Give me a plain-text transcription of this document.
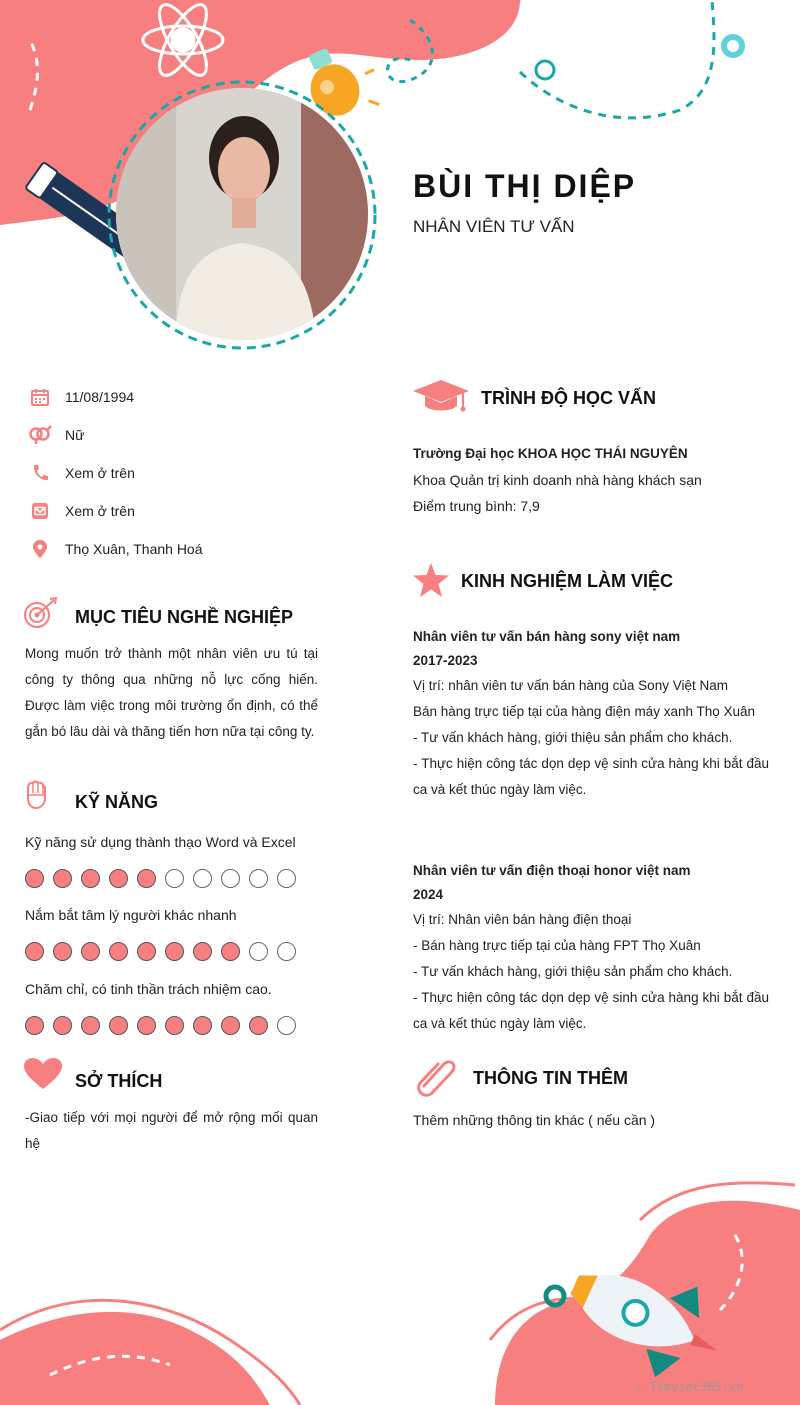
BÙI THỊ DIỆP
NHÂN VIÊN TƯ VẤN
11/08/1994
Nữ
Xem ở trên
Xem ở trên
Thọ Xuân, Thanh Hoá
MỤC TIÊU NGHỀ NGHIỆP
Mong muốn trở thành một nhân viên ưu tú tại công ty thông qua những nỗ lực cống hiến. Được làm việc trong môi trường ổn định, có thể gắn bó lâu dài và thăng tiến hơn nữa tại công ty.
KỸ NĂNG
Kỹ năng sử dụng thành thạo Word và Excel
Nắm bắt tâm lý người khác nhanh
Chăm chỉ, có tinh thần trách nhiệm cao.
SỞ THÍCH
-Giao tiếp với mọi người để mở rộng mối quan hệ
TRÌNH ĐỘ HỌC VẤN
Trường Đại học KHOA HỌC THÁI NGUYÊN
Khoa Quản trị kinh doanh nhà hàng khách sạn
Điểm trung bình: 7,9
KINH NGHIỆM LÀM VIỆC
Nhân viên tư vấn bán hàng sony việt nam
2017-2023
Vị trí: nhân viên tư vấn bán hàng của Sony Việt Nam
Bán hàng trực tiếp tại của hàng điện máy xanh Thọ Xuân
- Tư vấn khách hàng, giới thiệu sản phẩm cho khách.
- Thực hiện công tác dọn dẹp vệ sinh cửa hàng khi bắt đầu ca và kết thúc ngày làm việc.
Nhân viên tư vấn điện thoại honor việt nam
2024
Vị trí: Nhân viên bán hàng điện thoại
- Bán hàng trực tiếp tại của hàng FPT Thọ Xuân
- Tư vấn khách hàng, giới thiệu sản phẩm cho khách.
- Thực hiện công tác dọn dẹp vệ sinh cửa hàng khi bắt đầu ca và kết thúc ngày làm việc.
THÔNG TIN THÊM
Thêm những thông tin khác ( nếu cần )
∴ Timviec365.vn
